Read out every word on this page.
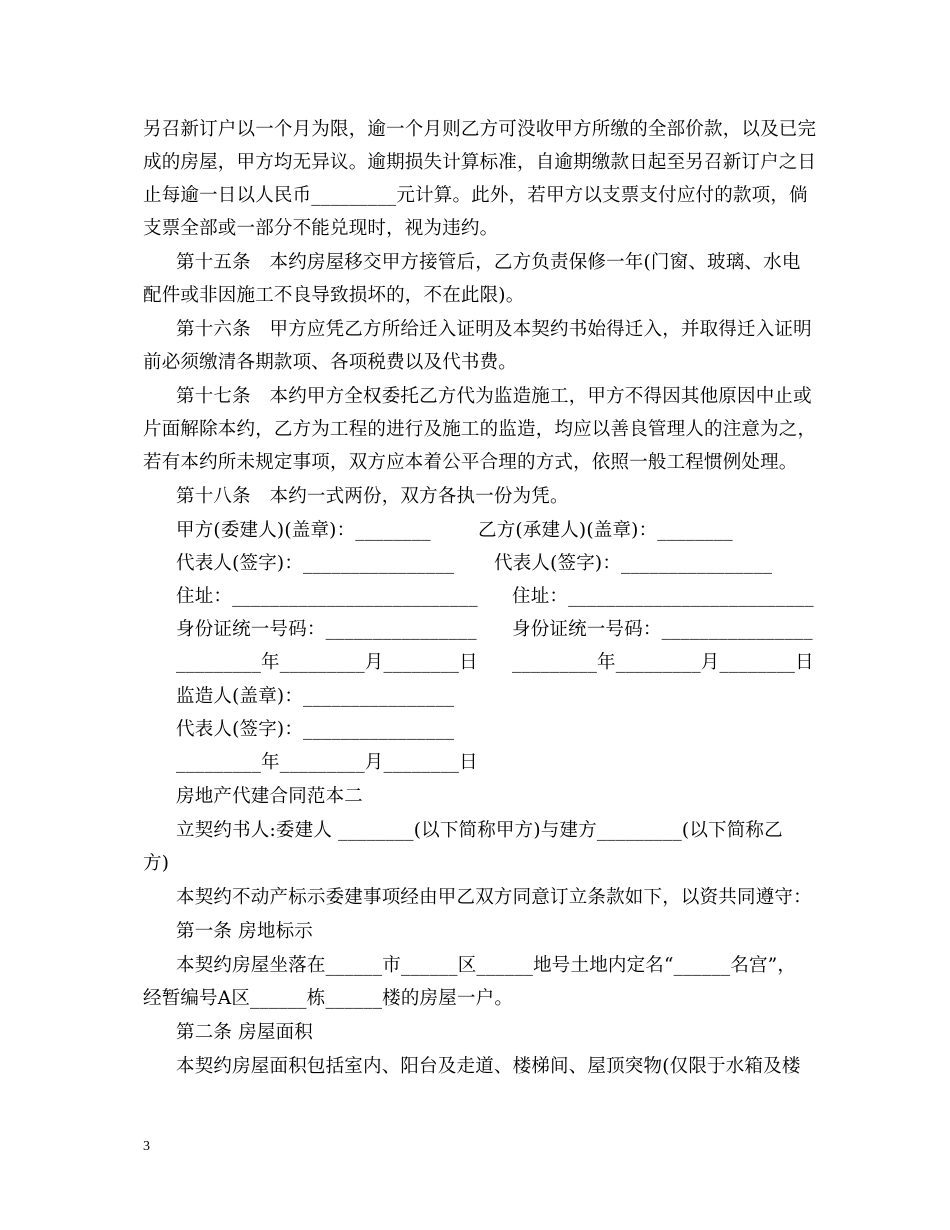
另召新订户以一个月为限，逾一个月则乙方可没收甲方所缴的全部价款，以及已完
成的房屋，甲方均无异议。逾期损失计算标准，自逾期缴款日起至另召新订户之日
止每逾一日以人民币_________元计算。此外，若甲方以支票支付应付的款项，倘
支票全部或一部分不能兑现时，视为违约。
第十五条　本约房屋移交甲方接管后，乙方负责保修一年(门窗、玻璃、水电
配件或非因施工不良导致损坏的，不在此限)。
第十六条　甲方应凭乙方所给迁入证明及本契约书始得迁入，并取得迁入证明
前必须缴清各期款项、各项税费以及代书费。
第十七条　本约甲方全权委托乙方代为监造施工，甲方不得因其他原因中止或
片面解除本约，乙方为工程的进行及施工的监造，均应以善良管理人的注意为之，
若有本约所未规定事项，双方应本着公平合理的方式，依照一般工程惯例处理。
第十八条　本约一式两份，双方各执一份为凭。
甲方(委建人)(盖章)：________	乙方(承建人)(盖章)：________
代表人(签字)：________________ 代表人(签字)：________________
住址：__________________________ 住址：__________________________
身份证统一号码：________________ 身份证统一号码：________________
_________年_________月________日 _________年_________月________日
监造人(盖章)：________________
代表人(签字)：________________
_________年_________月________日
房地产代建合同范本二
立契约书人:委建人 ________(以下简称甲方)与建方_________(以下简称乙
方)
本契约不动产标示委建事项经由甲乙双方同意订立条款如下，以资共同遵守：
第一条 房地标示
本契约房屋坐落在______市______区______地号土地内定名“______名宫”，
经暂编号A区______栋______楼的房屋一户。
第二条 房屋面积
本契约房屋面积包括室内、阳台及走道、楼梯间、屋顶突物(仅限于水箱及楼
3
